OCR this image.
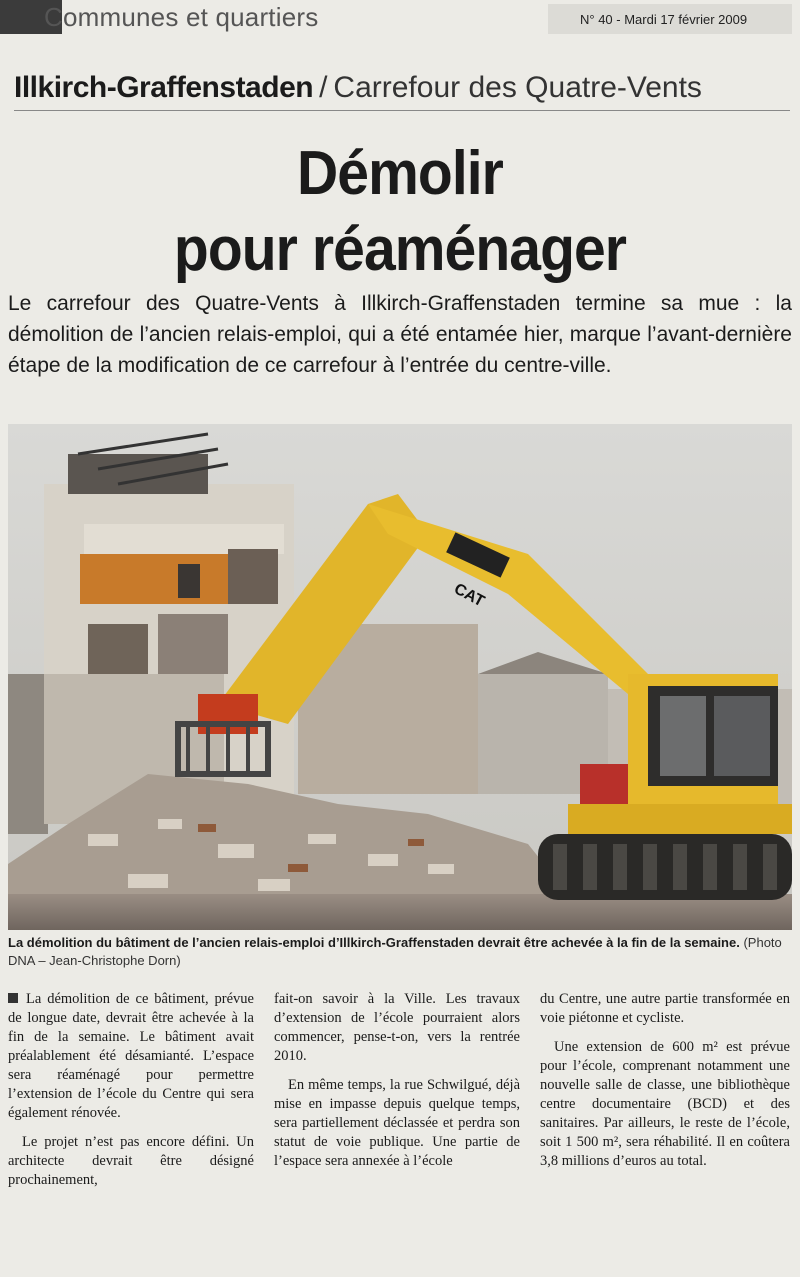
Communes et quartiers	N° 40 - Mardi 17 février 2009
Illkirch-Graffenstaden / Carrefour des Quatre-Vents
Démolir
pour réaménager
Le carrefour des Quatre-Vents à Illkirch-Graffenstaden termine sa mue : la démolition de l’ancien relais-emploi, qui a été entamée hier, marque l’avant-dernière étape de la modification de ce carrefour à l’entrée du centre-ville.
CAT
La démolition du bâtiment de l’ancien relais-emploi d’Illkirch-Graffenstaden devrait être achevée à la fin de la semaine. (Photo DNA – Jean-Christophe Dorn)

La démolition de ce bâtiment, prévue de longue date, devrait être achevée à la fin de la semaine. Le bâtiment avait préalablement été désamianté. L’espace sera réaménagé pour permettre l’extension de l’école du Centre qui sera également rénovée.

Le projet n’est pas encore défini. Un architecte devrait être désigné prochainement,

fait-on savoir à la Ville. Les travaux d’extension de l’école pourraient alors commencer, pense-t-on, vers la rentrée 2010.

En même temps, la rue Schwilgué, déjà mise en impasse depuis quelque temps, sera partiellement déclassée et perdra son statut de voie publique. Une partie de l’espace sera annexée à l’école

du Centre, une autre partie transformée en voie piétonne et cycliste.

Une extension de 600 m² est prévue pour l’école, comprenant notamment une nouvelle salle de classe, une bibliothèque centre documentaire (BCD) et des sanitaires. Par ailleurs, le reste de l’école, soit 1 500 m², sera réhabilité. Il en coûtera 3,8 millions d’euros au total.
